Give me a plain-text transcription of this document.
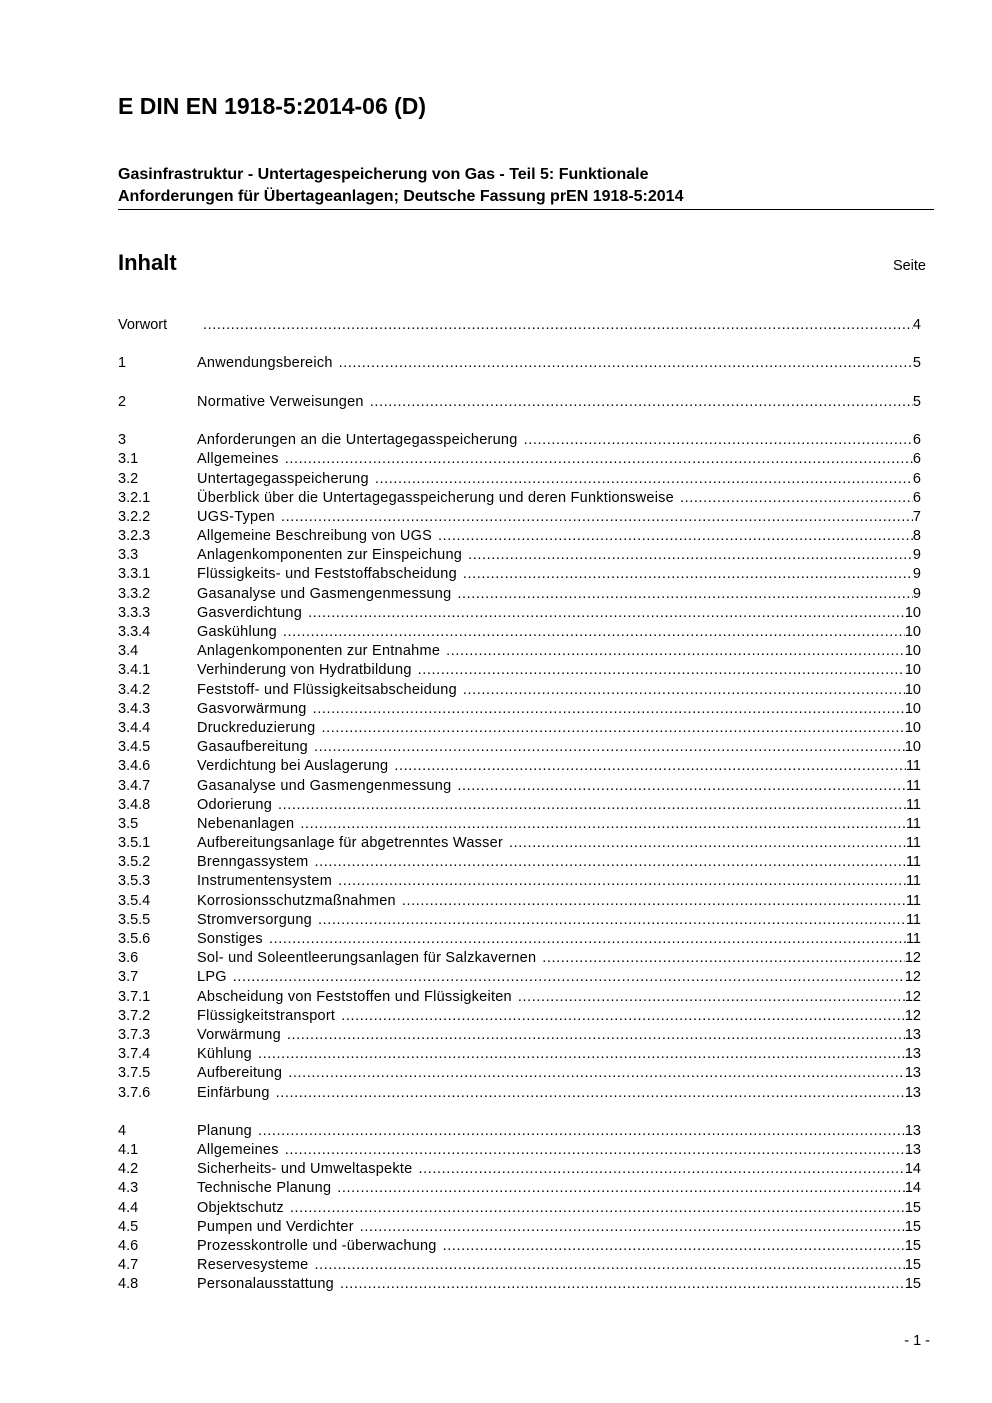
E DIN EN 1918-5:2014-06 (D)
Gasinfrastruktur - Untertagespeicherung von Gas - Teil 5: Funktionale
Anforderungen für Übertageanlagen; Deutsche Fassung prEN 1918-5:2014
Inhalt	Seite
Vorwort .....	4
1	Anwendungsbereich .....	5
2	Normative Verweisungen .....	5
3	Anforderungen an die Untertagegasspeicherung .....	6
3.1	Allgemeines .....	6
3.2	Untertagegasspeicherung .....	6
3.2.1	Überblick über die Untertagegasspeicherung und deren Funktionsweise .....	6
3.2.2	UGS-Typen .....	7
3.2.3	Allgemeine Beschreibung von UGS .....	8
3.3	Anlagenkomponenten zur Einspeichung .....	9
3.3.1	Flüssigkeits- und Feststoffabscheidung .....	9
3.3.2	Gasanalyse und Gasmengenmessung .....	9
3.3.3	Gasverdichtung .....	10
3.3.4	Gaskühlung .....	10
3.4	Anlagenkomponenten zur Entnahme .....	10
3.4.1	Verhinderung von Hydratbildung .....	10
3.4.2	Feststoff- und Flüssigkeitsabscheidung .....	10
3.4.3	Gasvorwärmung .....	10
3.4.4	Druckreduzierung .....	10
3.4.5	Gasaufbereitung .....	10
3.4.6	Verdichtung bei Auslagerung .....	11
3.4.7	Gasanalyse und Gasmengenmessung .....	11
3.4.8	Odorierung .....	11
3.5	Nebenanlagen .....	11
3.5.1	Aufbereitungsanlage für abgetrenntes Wasser .....	11
3.5.2	Brenngassystem .....	11
3.5.3	Instrumentensystem .....	11
3.5.4	Korrosionsschutzmaßnahmen .....	11
3.5.5	Stromversorgung .....	11
3.5.6	Sonstiges .....	11
3.6	Sol- und Soleentleerungsanlagen für Salzkavernen .....	12
3.7	LPG .....	12
3.7.1	Abscheidung von Feststoffen und Flüssigkeiten .....	12
3.7.2	Flüssigkeitstransport .....	12
3.7.3	Vorwärmung .....	13
3.7.4	Kühlung .....	13
3.7.5	Aufbereitung .....	13
3.7.6	Einfärbung .....	13
4	Planung .....	13
4.1	Allgemeines .....	13
4.2	Sicherheits- und Umweltaspekte .....	14
4.3	Technische Planung .....	14
4.4	Objektschutz .....	15
4.5	Pumpen und Verdichter .....	15
4.6	Prozesskontrolle und -überwachung .....	15
4.7	Reservesysteme .....	15
4.8	Personalausstattung .....	15
- 1 -
